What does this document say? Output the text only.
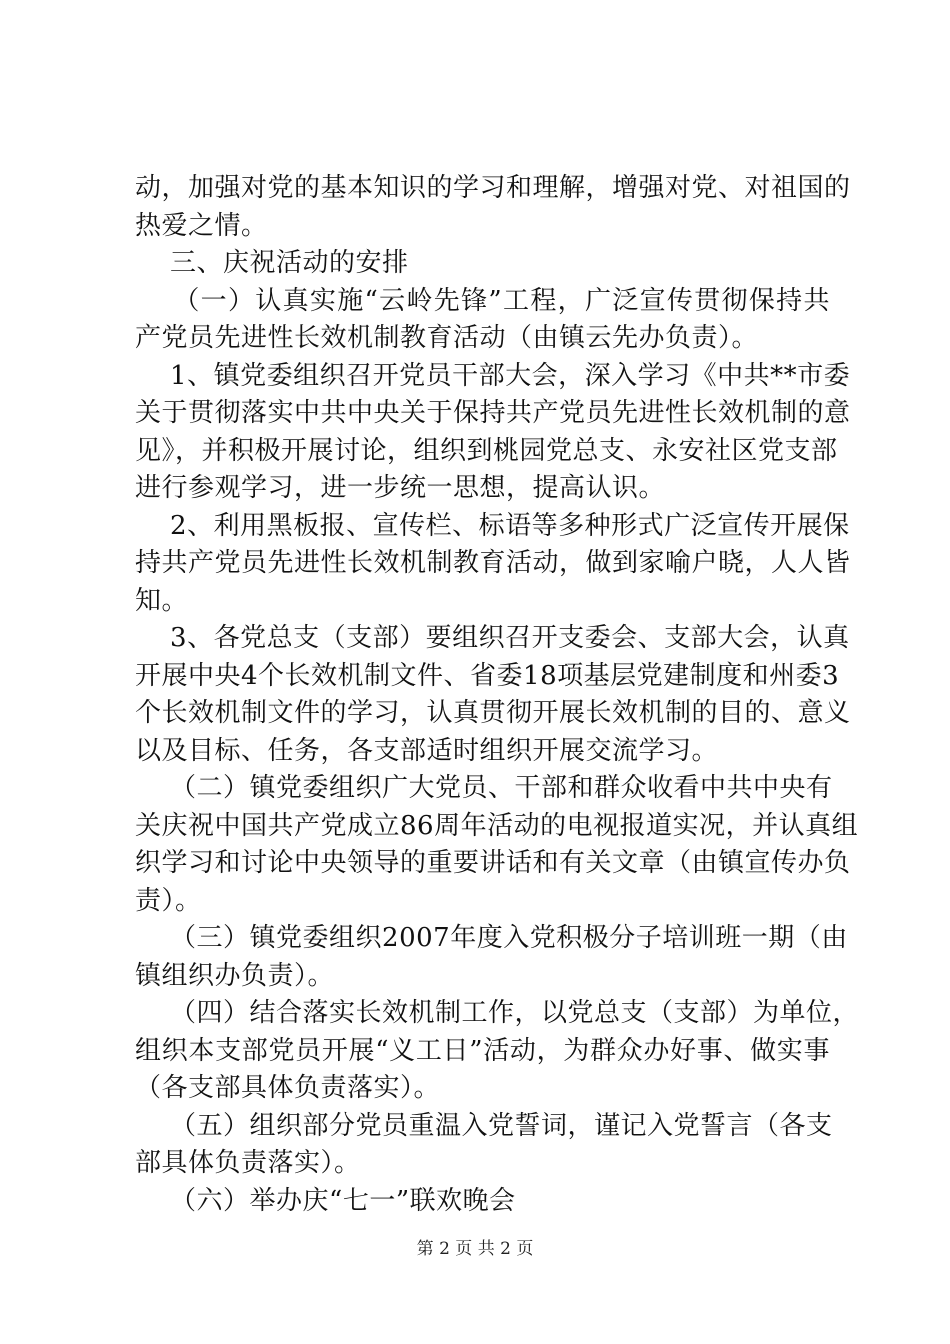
动，加强对党的基本知识的学习和理解，增强对党、对祖国的
热爱之情。
三、庆祝活动的安排
（一）认真实施“云岭先锋”工程，广泛宣传贯彻保持共
产党员先进性长效机制教育活动（由镇云先办负责）。
1、镇党委组织召开党员干部大会，深入学习《中共**市委
关于贯彻落实中共中央关于保持共产党员先进性长效机制的意
见》，并积极开展讨论，组织到桃园党总支、永安社区党支部
进行参观学习，进一步统一思想，提高认识。
2、利用黑板报、宣传栏、标语等多种形式广泛宣传开展保
持共产党员先进性长效机制教育活动，做到家喻户晓，人人皆
知。
3、各党总支（支部）要组织召开支委会、支部大会，认真
开展中央4个长效机制文件、省委18项基层党建制度和州委3
个长效机制文件的学习，认真贯彻开展长效机制的目的、意义
以及目标、任务，各支部适时组织开展交流学习。
（二）镇党委组织广大党员、干部和群众收看中共中央有
关庆祝中国共产党成立86周年活动的电视报道实况，并认真组
织学习和讨论中央领导的重要讲话和有关文章（由镇宣传办负
责）。
（三）镇党委组织2007年度入党积极分子培训班一期（由
镇组织办负责）。
（四）结合落实长效机制工作，以党总支（支部）为单位，
组织本支部党员开展“义工日”活动，为群众办好事、做实事
（各支部具体负责落实）。
（五）组织部分党员重温入党誓词，谨记入党誓言（各支
部具体负责落实）。
（六）举办庆“七一”联欢晚会
第 2 页 共 2 页
